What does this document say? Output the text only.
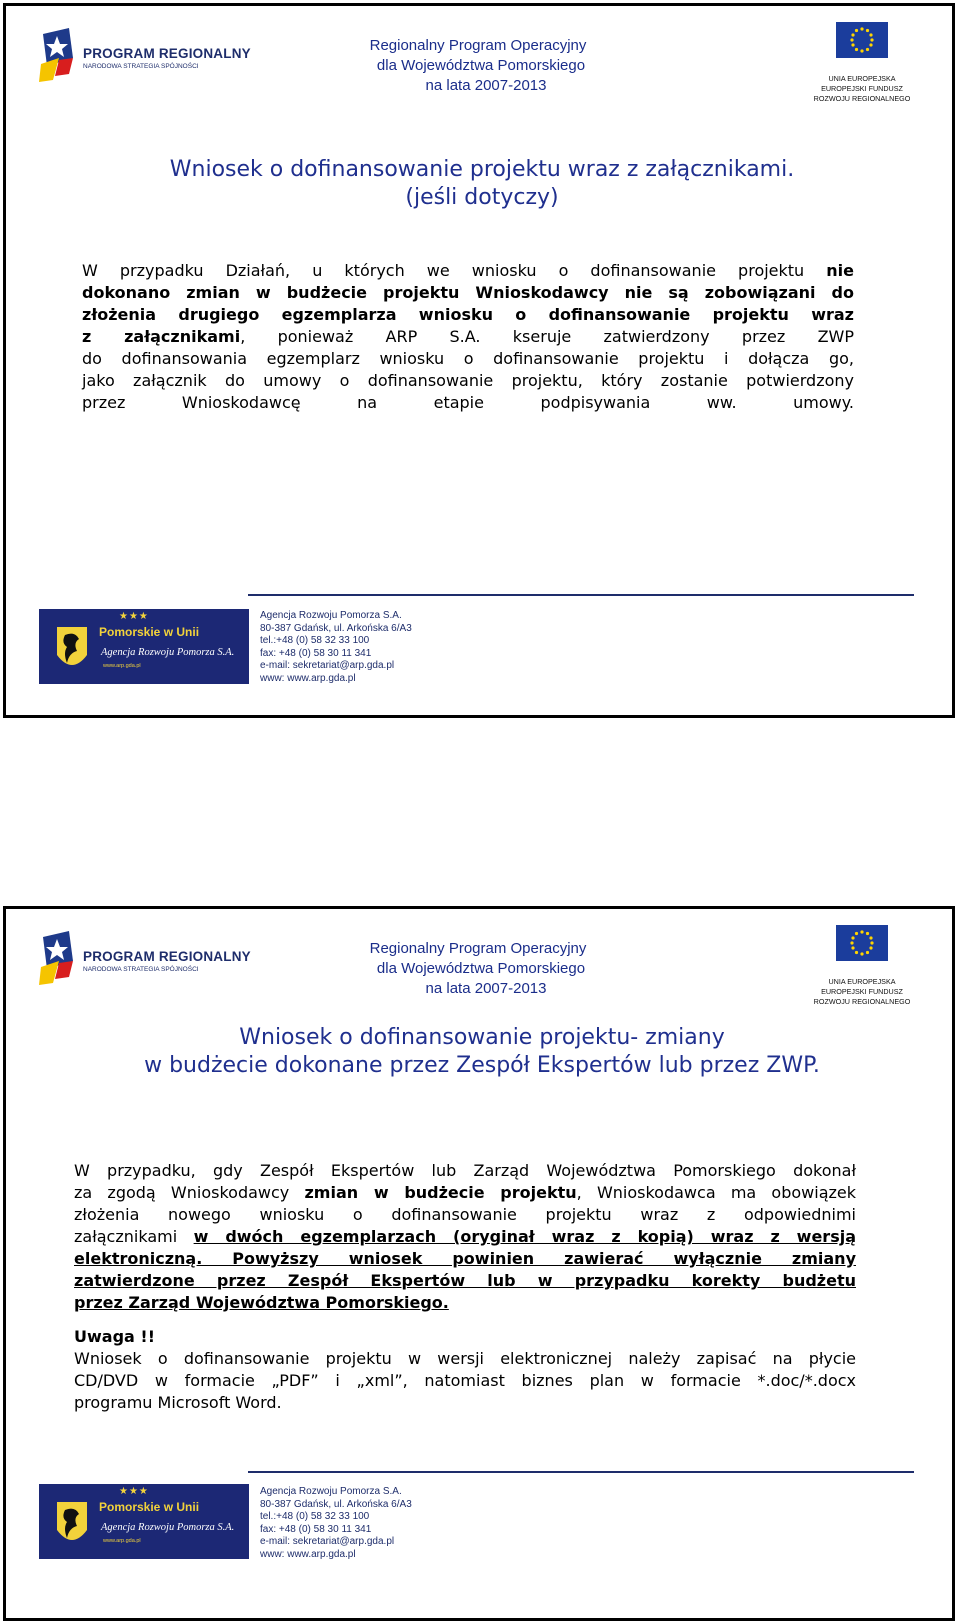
PROGRAM REGIONALNY
NARODOWA STRATEGIA SPÓJNOŚCI
Regionalny Program Operacyjny
dla Województwa Pomorskiego
na lata 2007-2013	UNIA EUROPEJSKA
EUROPEJSKI FUNDUSZ
ROZWOJU REGIONALNEGO
Wniosek o dofinansowanie projektu wraz z załącznikami.
(jeśli dotyczy)
W przypadku Działań, u których we wniosku o dofinansowanie projektu nie
dokonano zmian w budżecie projektu Wnioskodawcy nie są zobowiązani do
złożenia drugiego egzemplarza wniosku o dofinansowanie projektu wraz
z załącznikami, ponieważ ARP S.A. kseruje zatwierdzony przez ZWP
do dofinansowania egzemplarz wniosku o dofinansowanie projektu i dołącza go,
jako załącznik do umowy o dofinansowanie projektu, który zostanie potwierdzony
przez Wnioskodawcę na etapie podpisywania ww. umowy.
★★★
Pomorskie w Unii
Agencja Rozwoju Pomorza S.A.
www.arp.gda.pl
Agencja Rozwoju Pomorza S.A.
80-387 Gdańsk, ul. Arkońska 6/A3
tel.:+48 (0) 58 32 33 100
fax: +48 (0) 58 30 11 341
e-mail: sekretariat@arp.gda.pl
www: www.arp.gda.pl
PROGRAM REGIONALNY
NARODOWA STRATEGIA SPÓJNOŚCI
Regionalny Program Operacyjny
dla Województwa Pomorskiego
na lata 2007-2013	UNIA EUROPEJSKA
EUROPEJSKI FUNDUSZ
ROZWOJU REGIONALNEGO
Wniosek o dofinansowanie projektu- zmiany
w budżecie dokonane przez Zespół Ekspertów lub przez ZWP.
W przypadku, gdy Zespół Ekspertów lub Zarząd Województwa Pomorskiego dokonał
za zgodą Wnioskodawcy zmian w budżecie projektu, Wnioskodawca ma obowiązek
złożenia nowego wniosku o dofinansowanie projektu wraz z odpowiednimi
załącznikami w dwóch egzemplarzach (oryginał wraz z kopią) wraz z wersją
elektroniczną. Powyższy wniosek powinien zawierać wyłącznie zmiany
zatwierdzone przez Zespół Ekspertów lub w przypadku korekty budżetu
przez Zarząd Województwa Pomorskiego.
Uwaga !!
Wniosek o dofinansowanie projektu w wersji elektronicznej należy zapisać na płycie
CD/DVD w formacie „PDF” i „xml”, natomiast biznes plan w formacie *.doc/*.docx
programu Microsoft Word.
★★★
Pomorskie w Unii
Agencja Rozwoju Pomorza S.A.
www.arp.gda.pl
Agencja Rozwoju Pomorza S.A.
80-387 Gdańsk, ul. Arkońska 6/A3
tel.:+48 (0) 58 32 33 100
fax: +48 (0) 58 30 11 341
e-mail: sekretariat@arp.gda.pl
www: www.arp.gda.pl
